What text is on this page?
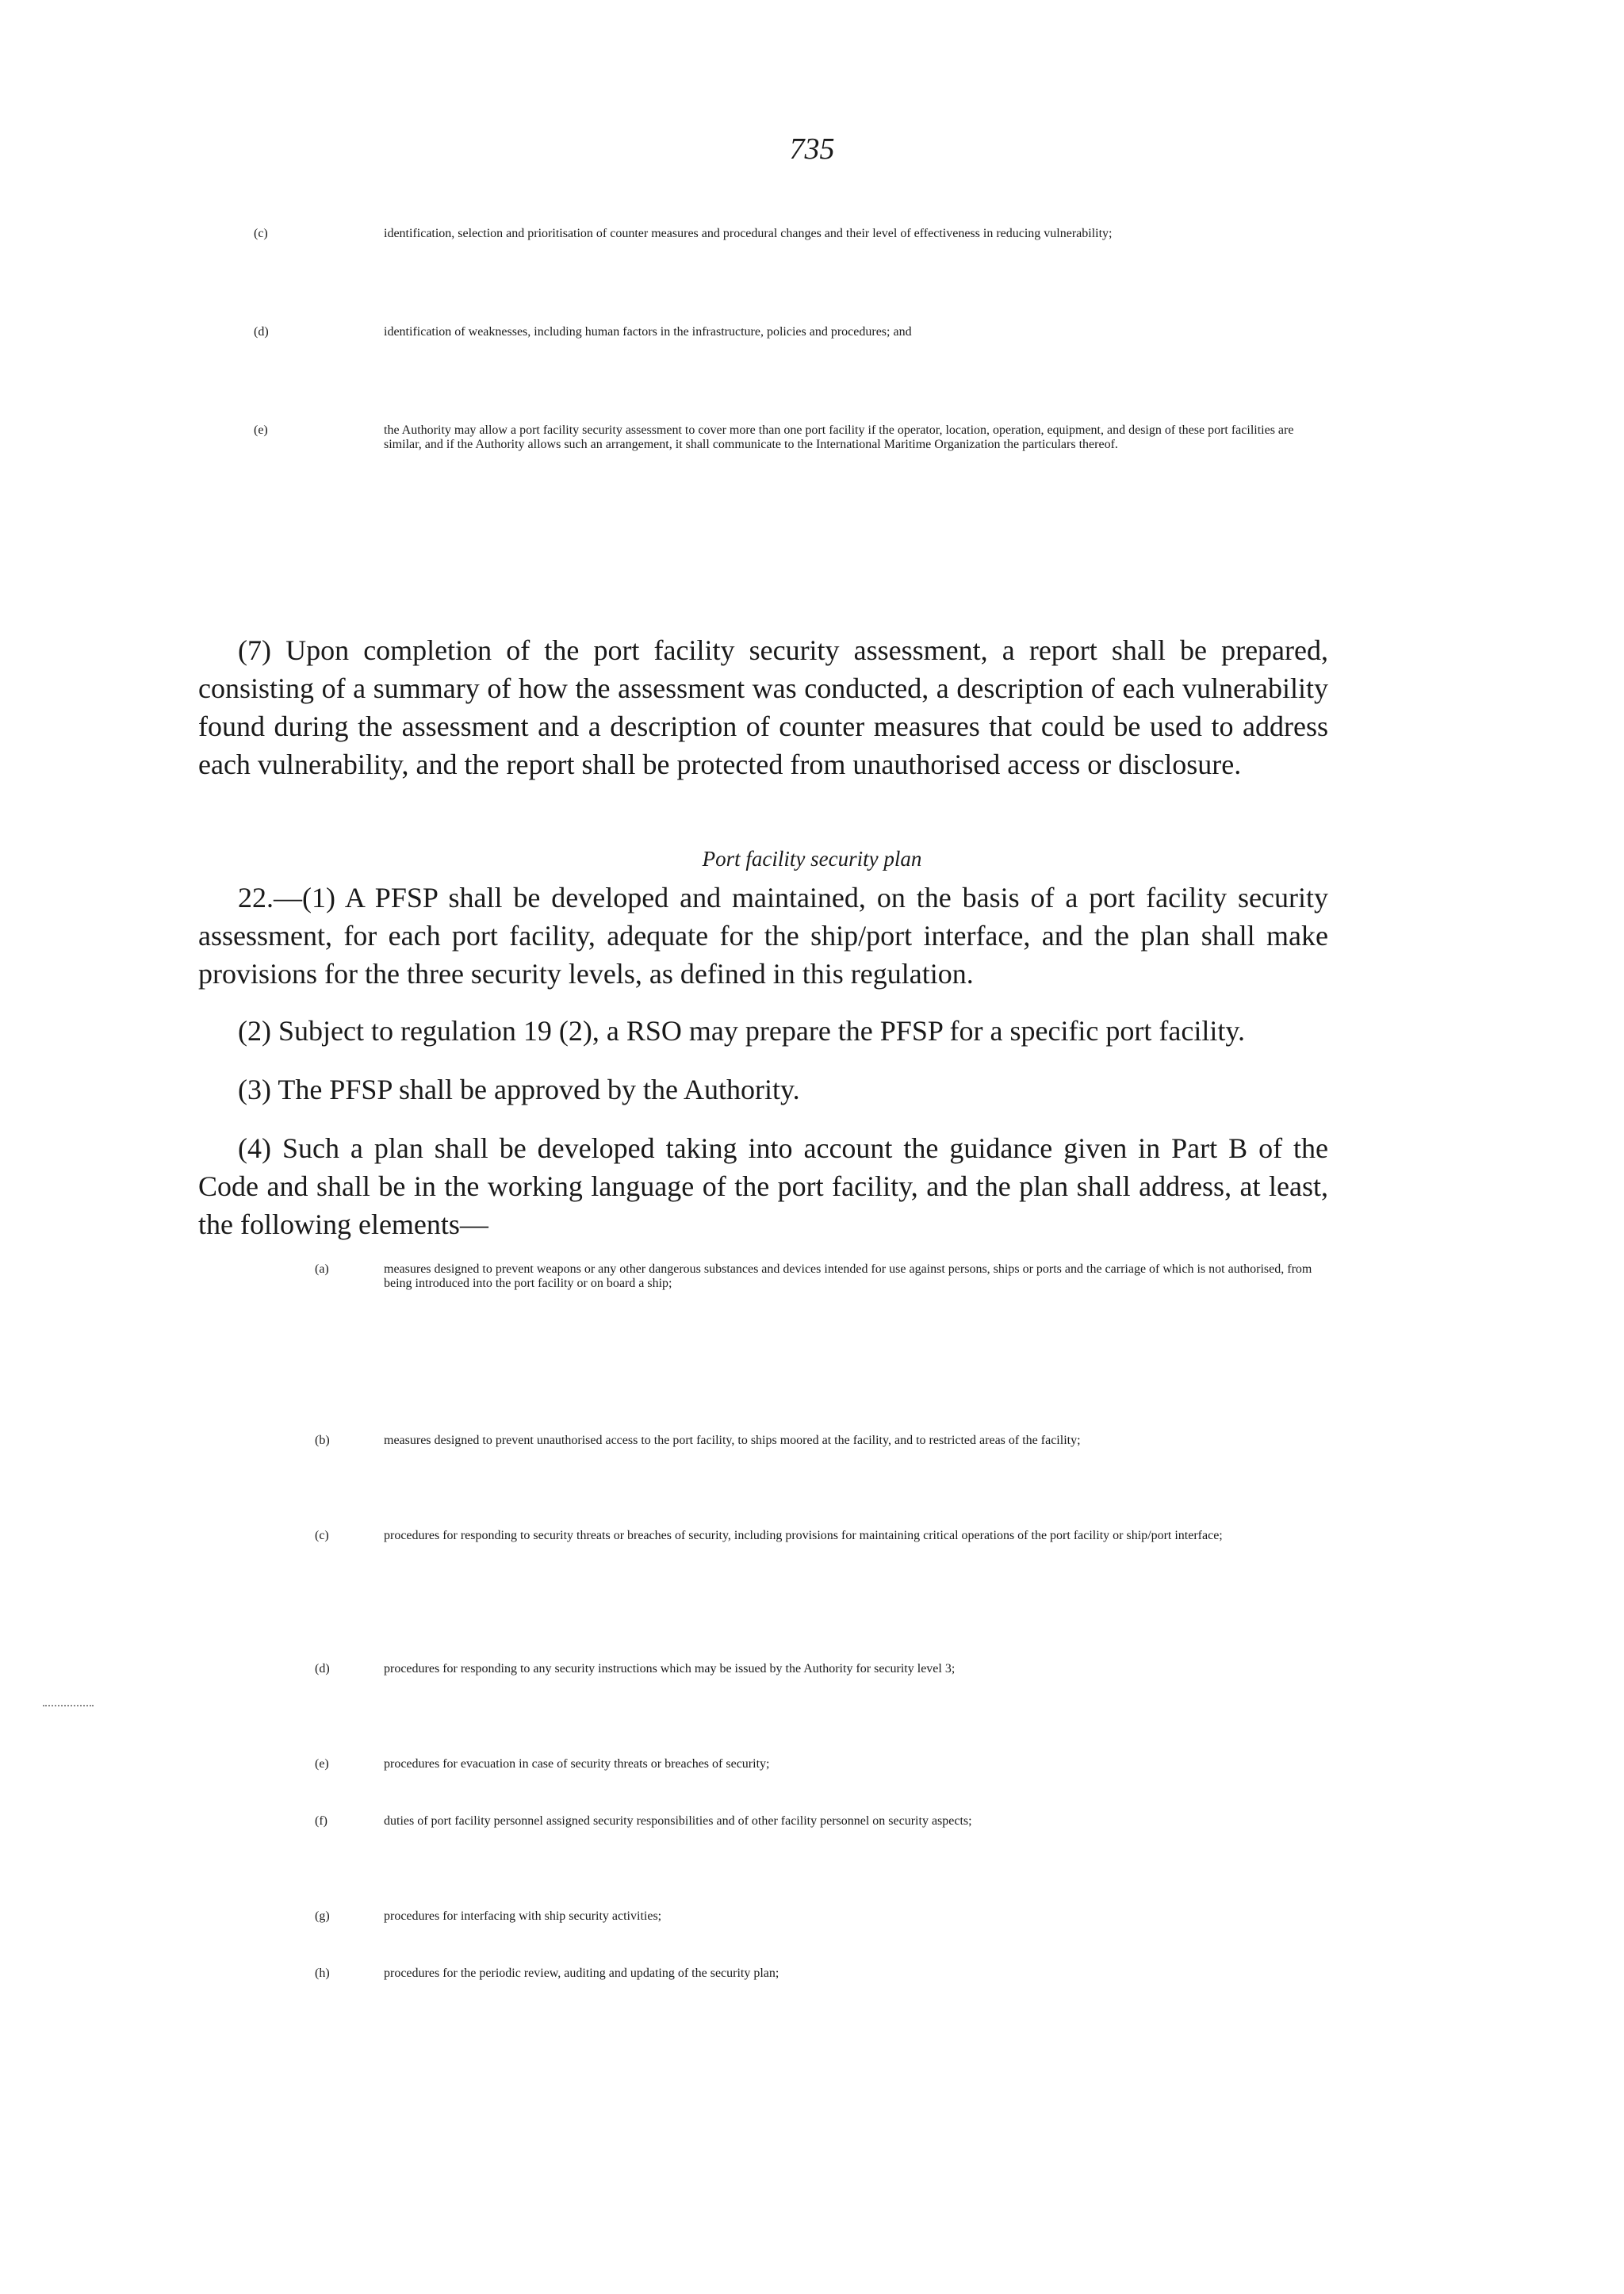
735
(c)	identification, selection and prioritisation of counter measures and procedural changes and their level of effectiveness in reducing vulnerability;
(d)	identification of weaknesses, including human factors in the infrastructure, policies and procedures; and
(e)	the Authority may allow a port facility security assessment to cover more than one port facility if the operator, location, operation, equipment, and design of these port facilities are similar, and if the Authority allows such an arrangement, it shall communicate to the International Maritime Organization the particulars thereof.
(7) Upon completion of the port facility security assessment, a report shall be prepared, consisting of a summary of how the assessment was conducted, a description of each vulnerability found during the assessment and a description of counter measures that could be used to address each vulnerability, and the report shall be protected from unauthorised access or disclosure.
Port facility security plan
22.—(1) A PFSP shall be developed and maintained, on the basis of a port facility security assessment, for each port facility, adequate for the ship/port interface, and the plan shall make provisions for the three security levels, as defined in this regulation.
(2) Subject to regulation 19 (2), a RSO may prepare the PFSP for a specific port facility.
(3) The PFSP shall be approved by the Authority.
(4) Such a plan shall be developed taking into account the guidance given in Part B of the Code and shall be in the working language of the port facility, and the plan shall address, at least, the following elements—
(a)	measures designed to prevent weapons or any other dangerous substances and devices intended for use against persons, ships or ports and the carriage of which is not authorised, from being introduced into the port facility or on board a ship;
(b)	measures designed to prevent unauthorised access to the port facility, to ships moored at the facility, and to restricted areas of the facility;
(c)	procedures for responding to security threats or breaches of security, including provisions for maintaining critical operations of the port facility or ship/port interface;
(d)	procedures for responding to any security instructions which may be issued by the Authority for security level 3;
(e)	procedures for evacuation in case of security threats or breaches of security;
(f)	duties of port facility personnel assigned security responsibilities and of other facility personnel on security aspects;
(g)	procedures for interfacing with ship security activities;
(h)	procedures for the periodic review, auditing and updating of the security plan;
